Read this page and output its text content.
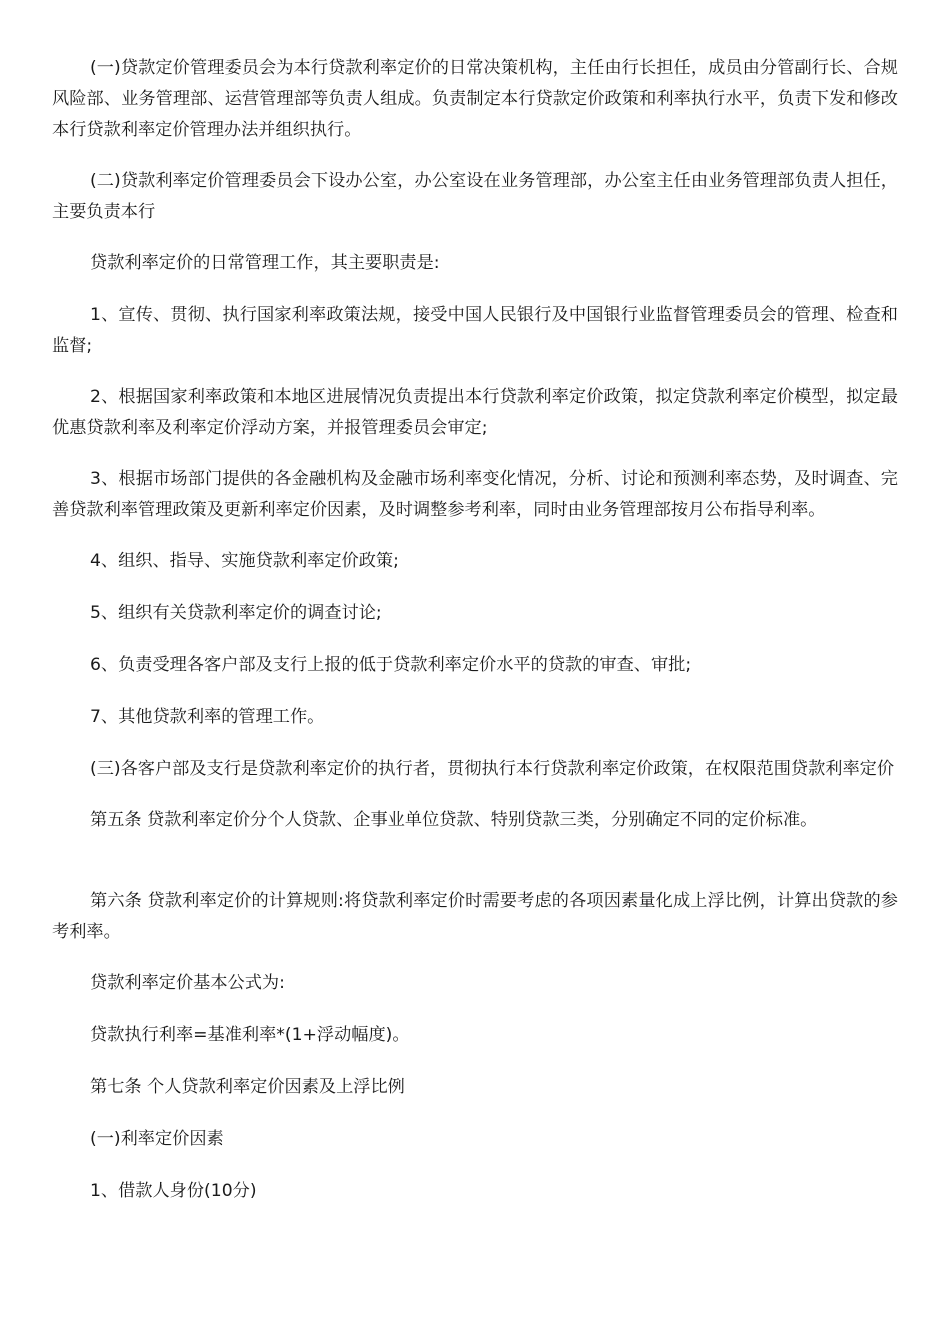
(一)贷款定价管理委员会为本行贷款利率定价的日常决策机构，主任由行长担任，成员由分管副行长、合规风险部、业务管理部、运营管理部等负责人组成。负责制定本行贷款定价政策和利率执行水平，负责下发和修改本行贷款利率定价管理办法并组织执行。

(二)贷款利率定价管理委员会下设办公室，办公室设在业务管理部，办公室主任由业务管理部负责人担任，主要负责本行

贷款利率定价的日常管理工作，其主要职责是:

1、宣传、贯彻、执行国家利率政策法规，接受中国人民银行及中国银行业监督管理委员会的管理、检查和监督;

2、根据国家利率政策和本地区进展情况负责提出本行贷款利率定价政策，拟定贷款利率定价模型，拟定最优惠贷款利率及利率定价浮动方案，并报管理委员会审定;

3、根据市场部门提供的各金融机构及金融市场利率变化情况，分析、讨论和预测利率态势，及时调查、完善贷款利率管理政策及更新利率定价因素，及时调整参考利率，同时由业务管理部按月公布指导利率。

4、组织、指导、实施贷款利率定价政策;

5、组织有关贷款利率定价的调查讨论;

6、负责受理各客户部及支行上报的低于贷款利率定价水平的贷款的审查、审批;

7、其他贷款利率的管理工作。

(三)各客户部及支行是贷款利率定价的执行者，贯彻执行本行贷款利率定价政策，在权限范围贷款利率定价

第五条 贷款利率定价分个人贷款、企事业单位贷款、特别贷款三类，分别确定不同的定价标准。

第六条 贷款利率定价的计算规则:将贷款利率定价时需要考虑的各项因素量化成上浮比例，计算出贷款的参考利率。

贷款利率定价基本公式为:

贷款执行利率=基准利率*(1+浮动幅度)。

第七条 个人贷款利率定价因素及上浮比例

(一)利率定价因素

1、借款人身份(10分)
